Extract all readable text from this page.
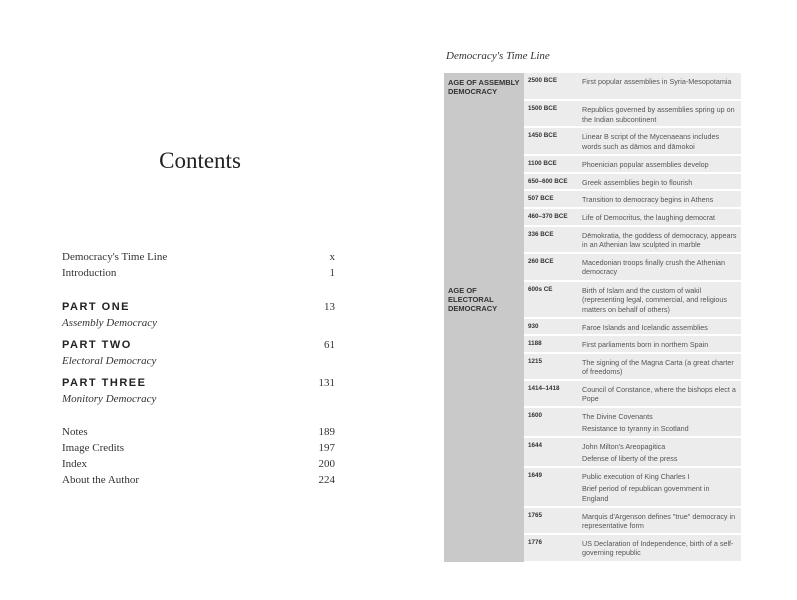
Contents
Democracy's Time Line	x
Introduction	1
PART ONE	13
Assembly Democracy
PART TWO	61
Electoral Democracy
PART THREE	131
Monitory Democracy
Notes	189
Image Credits	197
Index	200
About the Author	224
Democracy's Time Line
AGE OF ASSEMBLY DEMOCRACY	2500 BCE	First popular assemblies in Syria-Mesopotamia

	1500 BCE	Republics governed by assemblies spring up on the Indian subcontinent

	1450 BCE	Linear B script of the Mycenaeans includes words such as dāmos and dāmokoi

	1100 BCE	Phoenician popular assemblies develop

	650–600 BCE	Greek assemblies begin to flourish

	507 BCE	Transition to democracy begins in Athens

	460–370 BCE	Life of Democritus, the laughing democrat

	336 BCE	Dēmokratia, the goddess of democracy, appears in an Athenian law sculpted in marble

	260 BCE	Macedonian troops finally crush the Athenian democracy

AGE OF ELECTORAL DEMOCRACY	600s CE	Birth of Islam and the custom of wakil (representing legal, commercial, and religious matters on behalf of others)

	930	Faroe Islands and Icelandic assemblies

	1188	First parliaments born in northern Spain

	1215	The signing of the Magna Carta (a great charter of freedoms)

	1414–1418	Council of Constance, where the bishops elect a Pope

	1600	The Divine Covenants
Resistance to tyranny in Scotland

	1644	John Milton's Areopagitica
Defense of liberty of the press

	1649	Public execution of King Charles I
Brief period of republican government in England

	1765	Marquis d'Argenson defines "true" democracy in representative form

	1776	US Declaration of Independence, birth of a self-governing republic
